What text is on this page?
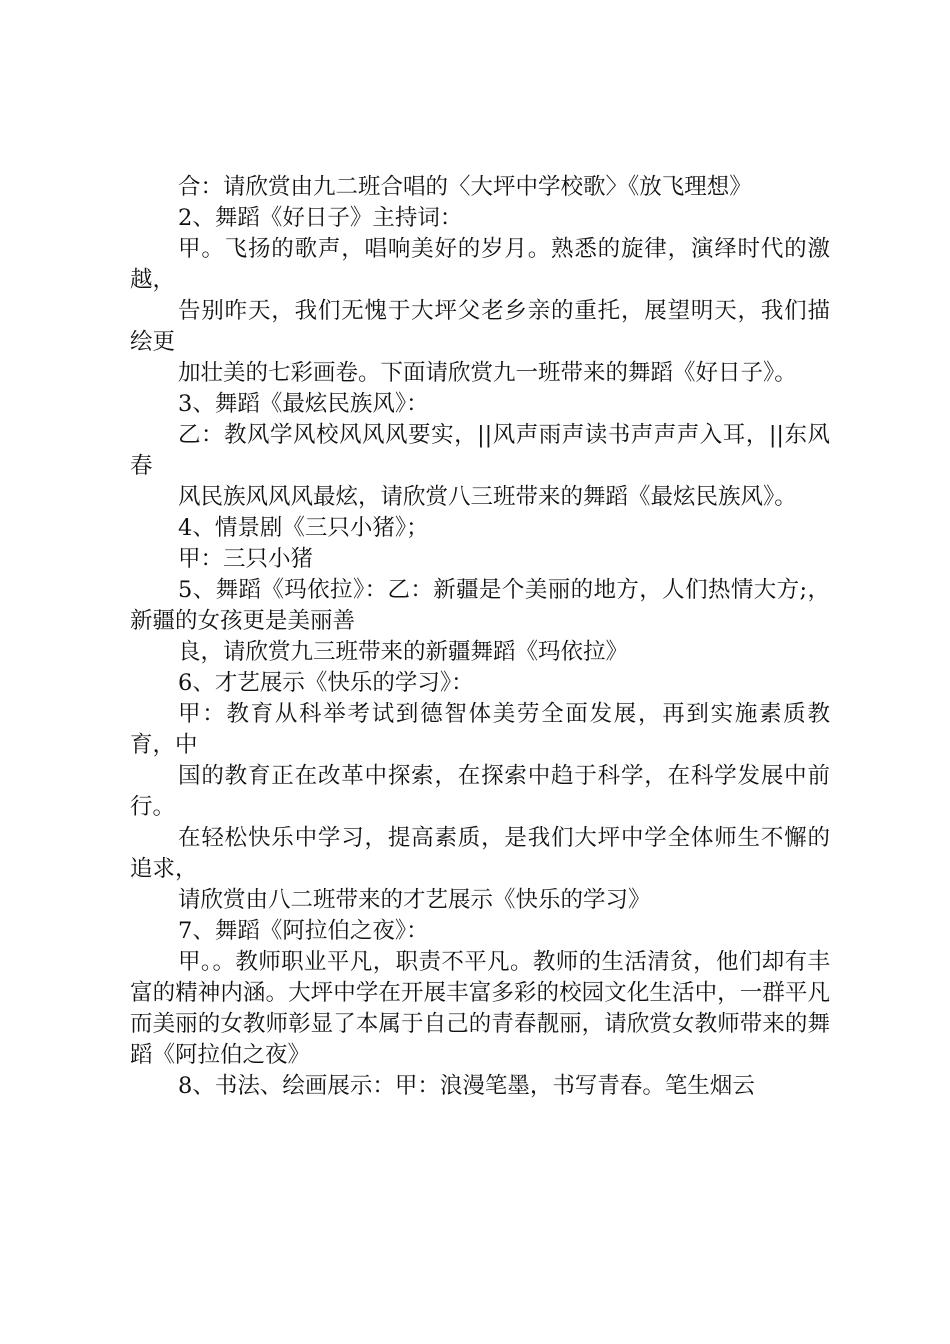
合：请欣赏由九二班合唱的〈大坪中学校歌〉《放飞理想》

2、舞蹈《好日子》主持词：

甲。飞扬的歌声，唱响美好的岁月。熟悉的旋律，演绎时代的激越，

告别昨天，我们无愧于大坪父老乡亲的重托，展望明天，我们描绘更

加壮美的七彩画卷。下面请欣赏九一班带来的舞蹈《好日子》。

3、舞蹈《最炫民族风》：

乙：教风学风校风风风要实，||风声雨声读书声声声入耳，||东风春

风民族风风风最炫，请欣赏八三班带来的舞蹈《最炫民族风》。

4、情景剧《三只小猪》；

甲：三只小猪

5、舞蹈《玛依拉》：乙：新疆是个美丽的地方，人们热情大方;，新疆的女孩更是美丽善

良，请欣赏九三班带来的新疆舞蹈《玛依拉》

6、才艺展示《快乐的学习》：

甲：教育从科举考试到德智体美劳全面发展，再到实施素质教育，中

国的教育正在改革中探索，在探索中趋于科学，在科学发展中前行。

在轻松快乐中学习，提高素质，是我们大坪中学全体师生不懈的追求，

请欣赏由八二班带来的才艺展示《快乐的学习》

7、舞蹈《阿拉伯之夜》：

甲。。教师职业平凡，职责不平凡。教师的生活清贫，他们却有丰富的精神内涵。大坪中学在开展丰富多彩的校园文化生活中，一群平凡而美丽的女教师彰显了本属于自己的青春靓丽，请欣赏女教师带来的舞蹈《阿拉伯之夜》

8、书法、绘画展示：甲：浪漫笔墨，书写青春。笔生烟云
